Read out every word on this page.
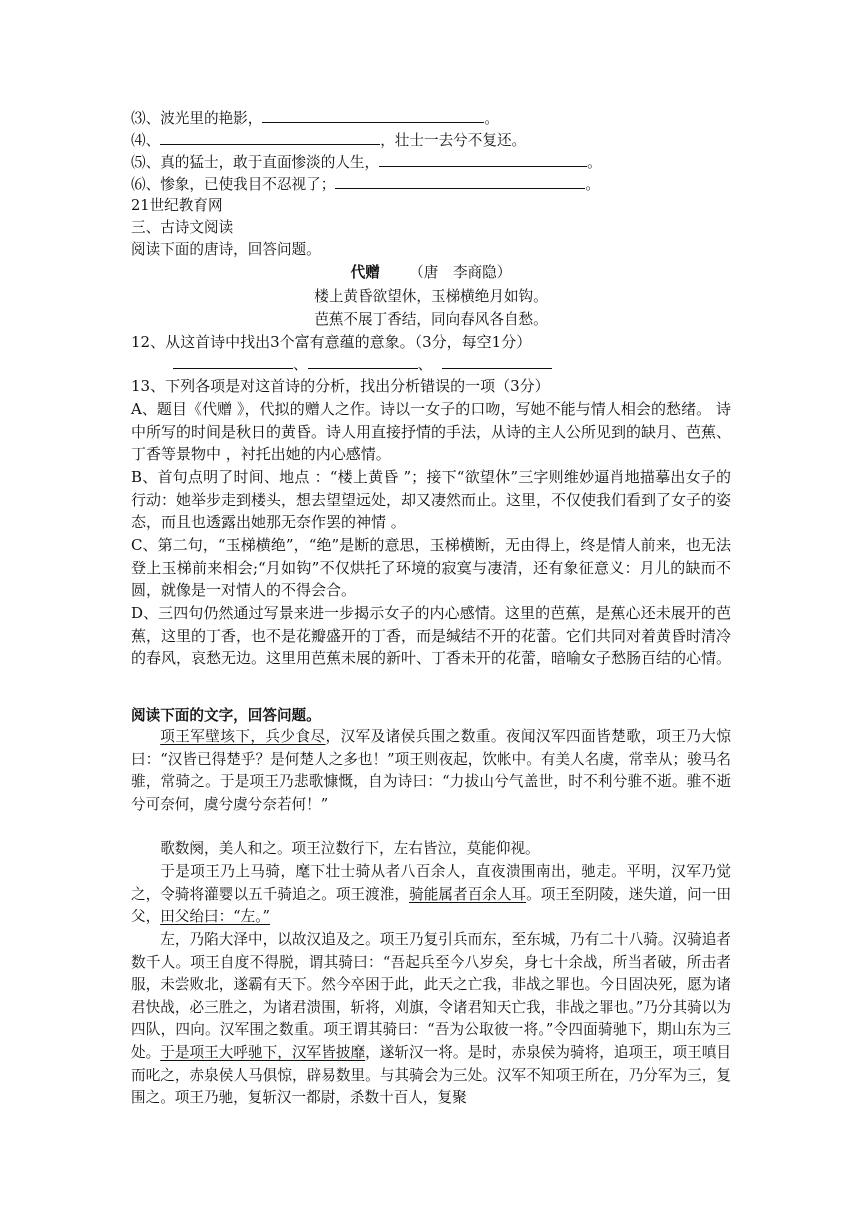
⑶、波光里的艳影，	。
⑷、	，壮士一去兮不复还。
⑸、真的猛士，敢于直面惨淡的人生，	。
⑹、惨象，已使我目不忍视了；	。
21世纪教育网
三、古诗文阅读
阅读下面的唐诗，回答问题。
代赠 （唐　李商隐）
楼上黄昏欲望休，玉梯横绝月如钩。
芭蕉不展丁香结，同向春风各自愁。
12、从这首诗中找出3个富有意蕴的意象。（3分，每空1分）
、	、
13、下列各项是对这首诗的分析，找出分析错误的一项（3分）
A、题目《代赠 》，代拟的赠人之作。诗以一女子的口吻，写她不能与情人相会的愁绪。 诗中所写的时间是秋日的黄昏。诗人用直接抒情的手法，从诗的主人公所见到的缺月、芭蕉、丁香等景物中 ，衬托出她的内心感情。
B、首句点明了时间、地点 ：“楼上黄昏 ”；接下“欲望休”三字则维妙逼肖地描摹出女子的行动：她举步走到楼头，想去望望远处，却又凄然而止。这里，不仅使我们看到了女子的姿态，而且也透露出她那无奈作罢的神情 。
C、第二句，“玉梯横绝”，“绝”是断的意思，玉梯横断，无由得上，终是情人前来，也无法登上玉梯前来相会;“月如钩”不仅烘托了环境的寂寞与凄清，还有象征意义：月儿的缺而不圆，就像是一对情人的不得会合。
D、三四句仍然通过写景来进一步揭示女子的内心感情。这里的芭蕉，是蕉心还未展开的芭蕉，这里的丁香，也不是花瓣盛开的丁香，而是缄结不开的花蕾。它们共同对着黄昏时清冷的春风，哀愁无边。这里用芭蕉未展的新叶、丁香未开的花蕾，暗喻女子愁肠百结的心情。
阅读下面的文字，回答问题。
项王军壁垓下，兵少食尽，汉军及诸侯兵围之数重。夜闻汉军四面皆楚歌，项王乃大惊曰：“汉皆已得楚乎？是何楚人之多也！”项王则夜起，饮帐中。有美人名虞，常幸从；骏马名骓，常骑之。于是项王乃悲歌慷慨，自为诗曰：“力拔山兮气盖世，时不利兮骓不逝。骓不逝兮可奈何，虞兮虞兮奈若何！”
歌数阕，美人和之。项王泣数行下，左右皆泣，莫能仰视。
于是项王乃上马骑，麾下壮士骑从者八百余人，直夜溃围南出，驰走。平明，汉军乃觉之，令骑将灌婴以五千骑追之。项王渡淮，骑能属者百余人耳。项王至阴陵，迷失道，问一田父，田父绐曰：“左。”
左，乃陷大泽中，以故汉追及之。项王乃复引兵而东，至东城，乃有二十八骑。汉骑追者数千人。项王自度不得脱，谓其骑曰：“吾起兵至今八岁矣，身七十余战，所当者破，所击者服，未尝败北，遂霸有天下。然今卒困于此，此天之亡我，非战之罪也。今日固决死，愿为诸君快战，必三胜之，为诸君溃围，斩将，刈旗，令诸君知天亡我，非战之罪也。”乃分其骑以为四队，四向。汉军围之数重。项王谓其骑曰：“吾为公取彼一将。”令四面骑驰下，期山东为三处。 于是项王大呼驰下，汉军皆披靡，遂斩汉一将。是时，赤泉侯为骑将，追项王，项王嗔目而叱之，赤泉侯人马俱惊，辟易数里。与其骑会为三处。汉军不知项王所在，乃分军为三，复围之。项王乃驰，复斩汉一都尉，杀数十百人，复聚
